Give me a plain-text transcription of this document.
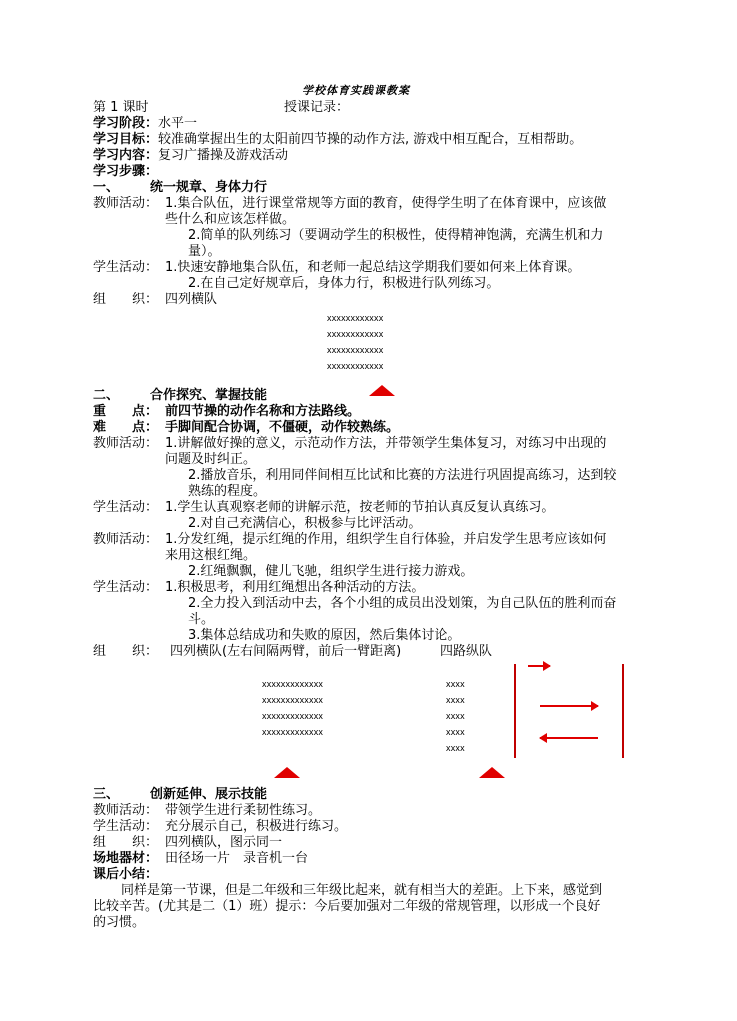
学校体育实践课教案
第 1 课时	授课记录：
学习阶段：水平一
学习目标：较准确掌握出生的太阳前四节操的动作方法, 游戏中相互配合，互相帮助。
学习内容：复习广播操及游戏活动
学习步骤：
一、 统一规章、身体力行
教师活动： 1.集合队伍，进行课堂常规等方面的教育，使得学生明了在体育课中，应该做
些什么和应该怎样做。
2.简单的队列练习（要调动学生的积极性，使得精神饱满，充满生机和力
量）。
学生活动： 1.快速安静地集合队伍，和老师一起总结这学期我们要如何来上体育课。
2.在自己定好规章后，身体力行，积极进行队列练习。
组　　织： 四列横队
xxxxxxxxxxxx
xxxxxxxxxxxx
xxxxxxxxxxxx
xxxxxxxxxxxx
二、 合作探究、掌握技能
重　　点： 前四节操的动作名称和方法路线。
难　　点： 手脚间配合协调，不僵硬，动作较熟练。
教师活动： 1.讲解做好操的意义，示范动作方法，并带领学生集体复习，对练习中出现的
问题及时纠正。
2.播放音乐，利用同伴间相互比试和比赛的方法进行巩固提高练习，达到较
熟练的程度。
学生活动： 1.学生认真观察老师的讲解示范，按老师的节拍认真反复认真练习。
2.对自己充满信心，积极参与比评活动。
教师活动： 1.分发红绳，提示红绳的作用，组织学生自行体验，并启发学生思考应该如何
来用这根红绳。
2.红绳飘飘，健儿飞驰，组织学生进行接力游戏。
学生活动： 1.积极思考，利用红绳想出各种活动的方法。
2.全力投入到活动中去，各个小组的成员出没划策，为自己队伍的胜利而奋
斗。
3.集体总结成功和失败的原因，然后集体讨论。
组　　织： 四列横队(左右间隔两臂，前后一臂距离)	四路纵队
xxxxxxxxxxxxx
xxxxxxxxxxxxx
xxxxxxxxxxxxx
xxxxxxxxxxxxx
xxxx
xxxx
xxxx
xxxx
xxxx
三、 创新延伸、展示技能
教师活动： 带领学生进行柔韧性练习。
学生活动： 充分展示自己，积极进行练习。
组　　织： 四列横队，图示同一
场地器材： 田径场一片　录音机一台
课后小结：
同样是第一节课，但是二年级和三年级比起来，就有相当大的差距。上下来，感觉到
比较辛苦。(尤其是二（1）班）提示：今后要加强对二年级的常规管理，以形成一个良好
的习惯。
